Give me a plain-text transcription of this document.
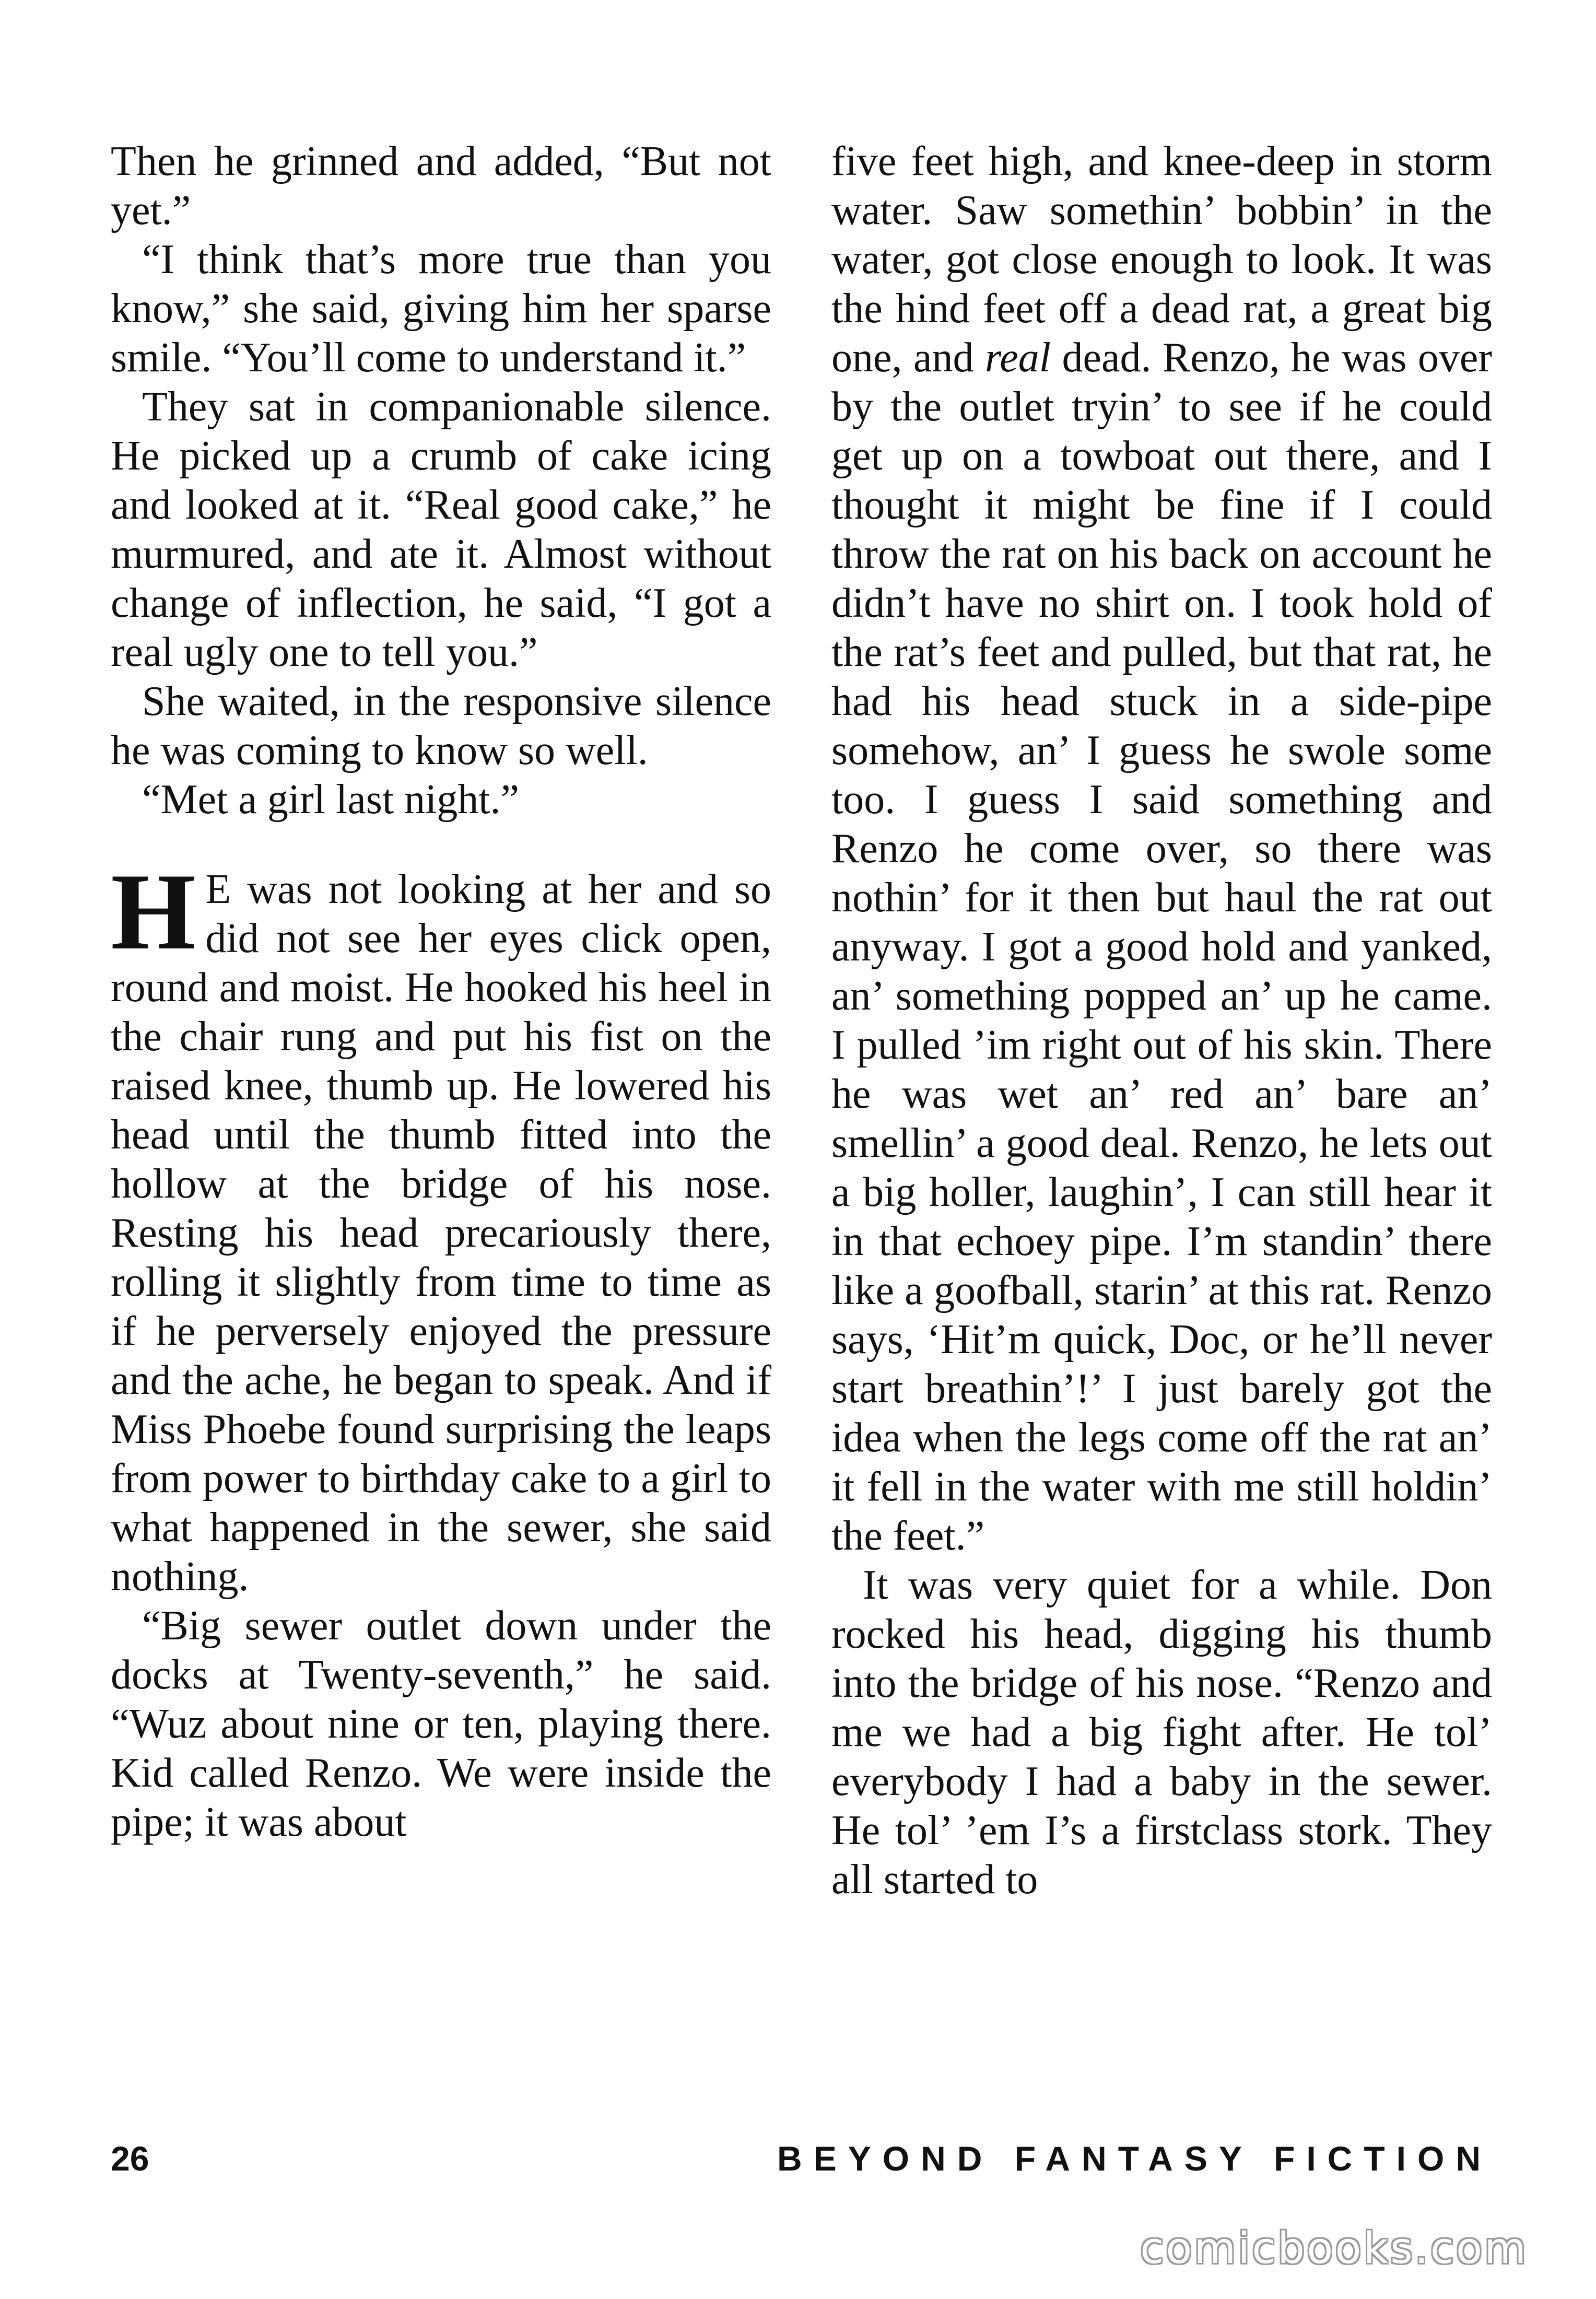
Then he grinned and added, “But not yet.”

“I think that’s more true than you know,” she said, giving him her sparse smile. “You’ll come to understand it.”

They sat in companionable silence. He picked up a crumb of cake icing and looked at it. “Real good cake,” he murmured, and ate it. Almost without change of inflection, he said, “I got a real ugly one to tell you.”

She waited, in the responsive silence he was coming to know so well.

“Met a girl last night.”

H E was not looking at her and so did not see her eyes click open, round and moist. He hooked his heel in the chair rung and put his fist on the raised knee, thumb up. He lowered his head until the thumb fitted into the hollow at the bridge of his nose. Resting his head precariously there, rolling it slightly from time to time as if he perversely enjoyed the pressure and the ache, he began to speak. And if Miss Phoebe found surprising the leaps from power to birthday cake to a girl to what happened in the sewer, she said nothing.

“Big sewer outlet down under the docks at Twenty-seventh,” he said. “Wuz about nine or ten, playing there. Kid called Renzo. We were inside the pipe; it was about

five feet high, and knee-deep in storm water. Saw somethin’ bobbin’ in the water, got close enough to look. It was the hind feet off a dead rat, a great big one, and real dead. Renzo, he was over by the outlet tryin’ to see if he could get up on a towboat out there, and I thought it might be fine if I could throw the rat on his back on account he didn’t have no shirt on. I took hold of the rat’s feet and pulled, but that rat, he had his head stuck in a side-pipe somehow, an’ I guess he swole some too. I guess I said something and Renzo he come over, so there was nothin’ for it then but haul the rat out anyway. I got a good hold and yanked, an’ something popped an’ up he came. I pulled ’im right out of his skin. There he was wet an’ red an’ bare an’ smellin’ a good deal. Renzo, he lets out a big holler, laughin’, I can still hear it in that echoey pipe. I’m standin’ there like a goofball, starin’ at this rat. Renzo says, ‘Hit’m quick, Doc, or he’ll never start breathin’!’ I just barely got the idea when the legs come off the rat an’ it fell in the water with me still holdin’ the feet.”

It was very quiet for a while. Don rocked his head, digging his thumb into the bridge of his nose. “Renzo and me we had a big fight after. He tol’ everybody I had a baby in the sewer. He tol’ ’em I’s a firstclass stork. They all started to

26	BEYOND FANTASY FICTION
comicbooks.com
